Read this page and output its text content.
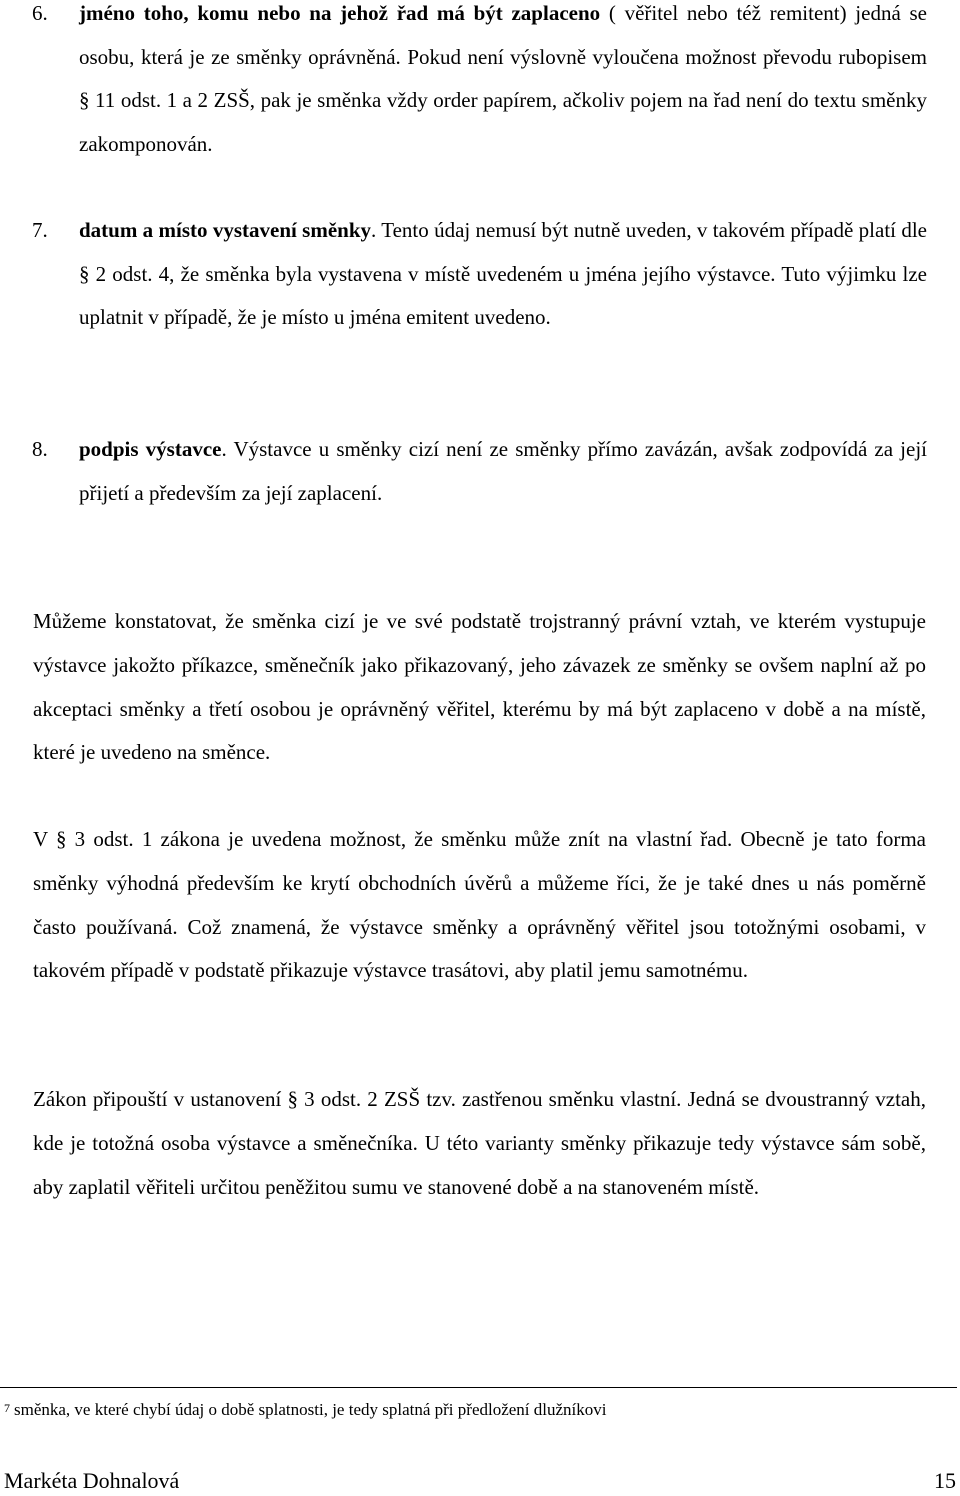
6. jméno toho, komu nebo na jehož řad má být zaplaceno ( věřitel nebo též remitent) jedná se osobu, která je ze směnky oprávněná. Pokud není výslovně vyloučena možnost převodu rubopisem § 11 odst. 1 a 2 ZSŠ, pak je směnka vždy order papírem, ačkoliv pojem na řad není do textu směnky zakomponován.
7. datum a místo vystavení směnky. Tento údaj nemusí být nutně uveden, v takovém případě platí dle § 2 odst. 4, že směnka byla vystavena v místě uvedeném u jména jejího výstavce. Tuto výjimku lze uplatnit v případě, že je místo u jména emitent uvedeno.
8. podpis výstavce. Výstavce u směnky cizí není ze směnky přímo zavázán, avšak zodpovídá za její přijetí a především za její zaplacení.

Můžeme konstatovat, že směnka cizí je ve své podstatě trojstranný právní vztah, ve kterém vystupuje výstavce jakožto příkazce, směnečník jako přikazovaný, jeho závazek ze směnky se ovšem naplní až po akceptaci směnky a třetí osobou je oprávněný věřitel, kterému by má být zaplaceno v době a na místě, které je uvedeno na směnce.

V § 3 odst. 1 zákona je uvedena možnost, že směnku může znít na vlastní řad. Obecně je tato forma směnky výhodná především ke krytí obchodních úvěrů a můžeme říci, že je také dnes u nás poměrně často používaná. Což znamená, že výstavce směnky a oprávněný věřitel jsou totožnými osobami, v takovém případě v podstatě přikazuje výstavce trasátovi, aby platil jemu samotnému.

Zákon připouští v ustanovení § 3 odst. 2 ZSŠ tzv. zastřenou směnku vlastní. Jedná se dvoustranný vztah, kde je totožná osoba výstavce a směnečníka. U této varianty směnky přikazuje tedy výstavce sám sobě, aby zaplatil věřiteli určitou peněžitou sumu ve stanovené době a na stanoveném místě.

$^7$ směnka, ve které chybí údaj o době splatnosti, je tedy splatná při předložení dlužníkovi
Markéta Dohnalová	15
